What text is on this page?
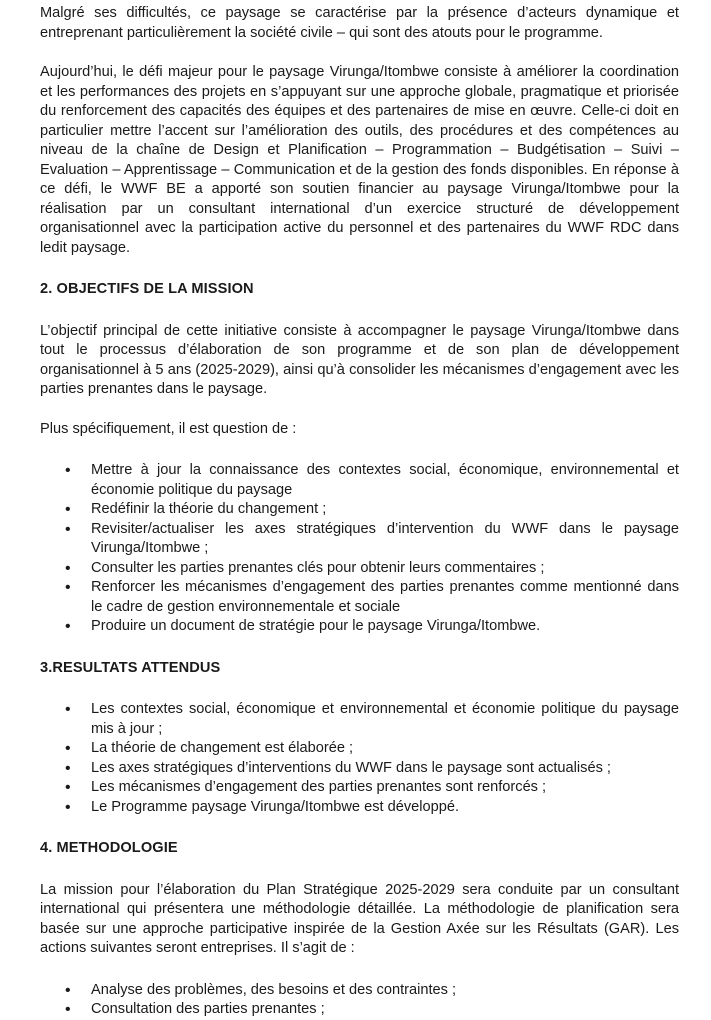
Malgré ses difficultés, ce paysage se caractérise par la présence d’acteurs dynamique et entreprenant particulièrement la société civile – qui sont des atouts pour le programme.

Aujourd’hui, le défi majeur pour le paysage Virunga/Itombwe consiste à améliorer la coordination et les performances des projets en s’appuyant sur une approche globale, pragmatique et priorisée du renforcement des capacités des équipes et des partenaires de mise en œuvre. Celle-ci doit en particulier mettre l’accent sur l’amélioration des outils, des procédures et des compétences au niveau de la chaîne de Design et Planification – Programmation – Budgétisation – Suivi – Evaluation – Apprentissage – Communication et de la gestion des fonds disponibles. En réponse à ce défi, le WWF BE a apporté son soutien financier au paysage Virunga/Itombwe pour la réalisation par un consultant international d’un exercice structuré de développement organisationnel avec la participation active du personnel et des partenaires du WWF RDC dans ledit paysage.

2. OBJECTIFS DE LA MISSION

L’objectif principal de cette initiative consiste à accompagner le paysage Virunga/Itombwe dans tout le processus d’élaboration de son programme et de son plan de développement organisationnel à 5 ans (2025-2029), ainsi qu’à consolider les mécanismes d’engagement avec les parties prenantes dans le paysage.

Plus spécifiquement, il est question de :

• Mettre à jour la connaissance des contextes social, économique, environnemental et économie politique du paysage
• Redéfinir la théorie du changement ;
• Revisiter/actualiser les axes stratégiques d’intervention du WWF dans le paysage Virunga/Itombwe ;
• Consulter les parties prenantes clés pour obtenir leurs commentaires ;
• Renforcer les mécanismes d’engagement des parties prenantes comme mentionné dans le cadre de gestion environnementale et sociale
• Produire un document de stratégie pour le paysage Virunga/Itombwe.
3.RESULTATS ATTENDUS
• Les contextes social, économique et environnemental et économie politique du paysage mis à jour ;
• La théorie de changement est élaborée ;
• Les axes stratégiques d’interventions du WWF dans le paysage sont actualisés ;
• Les mécanismes d’engagement des parties prenantes sont renforcés ;
• Le Programme paysage Virunga/Itombwe est développé.
4. METHODOLOGIE

La mission pour l’élaboration du Plan Stratégique 2025-2029 sera conduite par un consultant international qui présentera une méthodologie détaillée. La méthodologie de planification sera basée sur une approche participative inspirée de la Gestion Axée sur les Résultats (GAR). Les actions suivantes seront entreprises. Il s’agit de :

• Analyse des problèmes, des besoins et des contraintes ;
• Consultation des parties prenantes ;
